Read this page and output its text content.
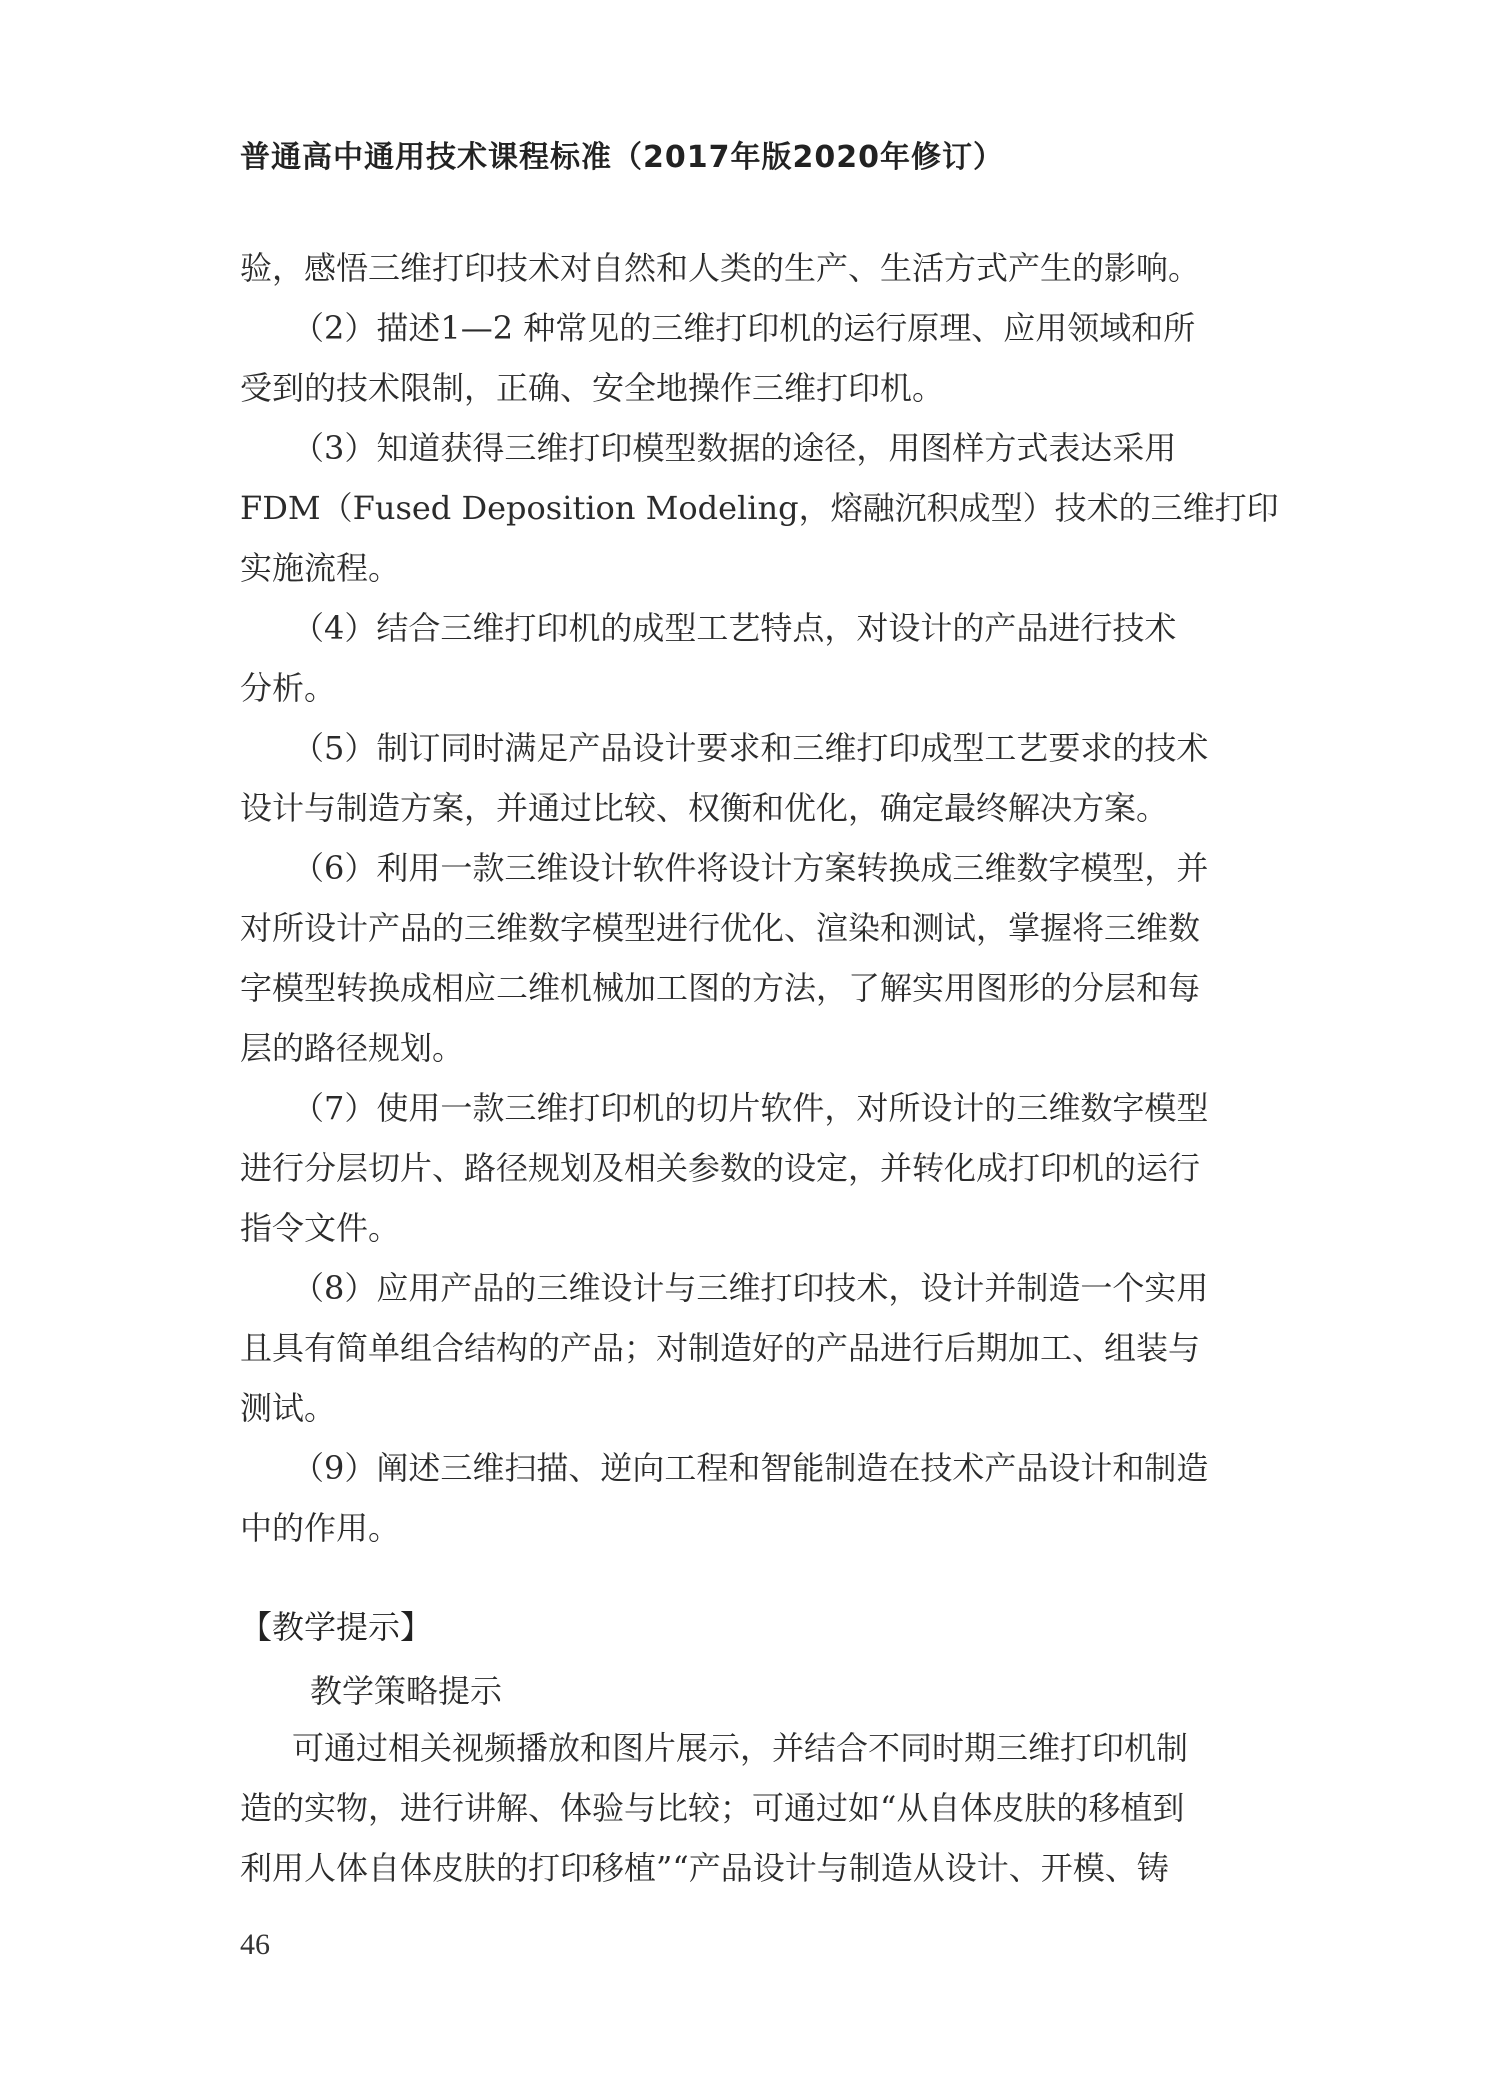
普通高中通用技术课程标准（2017年版2020年修订）

验，感悟三维打印技术对自然和人类的生产、生活方式产生的影响。

（2）描述1—2 种常见的三维打印机的运行原理、应用领域和所
受到的技术限制，正确、安全地操作三维打印机。

（3）知道获得三维打印模型数据的途径，用图样方式表达采用
FDM（Fused Deposition Modeling，熔融沉积成型）技术的三维打印
实施流程。

（4）结合三维打印机的成型工艺特点，对设计的产品进行技术
分析。

（5）制订同时满足产品设计要求和三维打印成型工艺要求的技术
设计与制造方案，并通过比较、权衡和优化，确定最终解决方案。

（6）利用一款三维设计软件将设计方案转换成三维数字模型，并
对所设计产品的三维数字模型进行优化、渲染和测试，掌握将三维数
字模型转换成相应二维机械加工图的方法，了解实用图形的分层和每
层的路径规划。

（7）使用一款三维打印机的切片软件，对所设计的三维数字模型
进行分层切片、路径规划及相关参数的设定，并转化成打印机的运行
指令文件。

（8）应用产品的三维设计与三维打印技术，设计并制造一个实用
且具有简单组合结构的产品；对制造好的产品进行后期加工、组装与
测试。

（9）阐述三维扫描、逆向工程和智能制造在技术产品设计和制造
中的作用。

【教学提示】
教学策略提示

可通过相关视频播放和图片展示，并结合不同时期三维打印机制
造的实物，进行讲解、体验与比较；可通过如“从自体皮肤的移植到
利用人体自体皮肤的打印移植”“产品设计与制造从设计、开模、铸

46
